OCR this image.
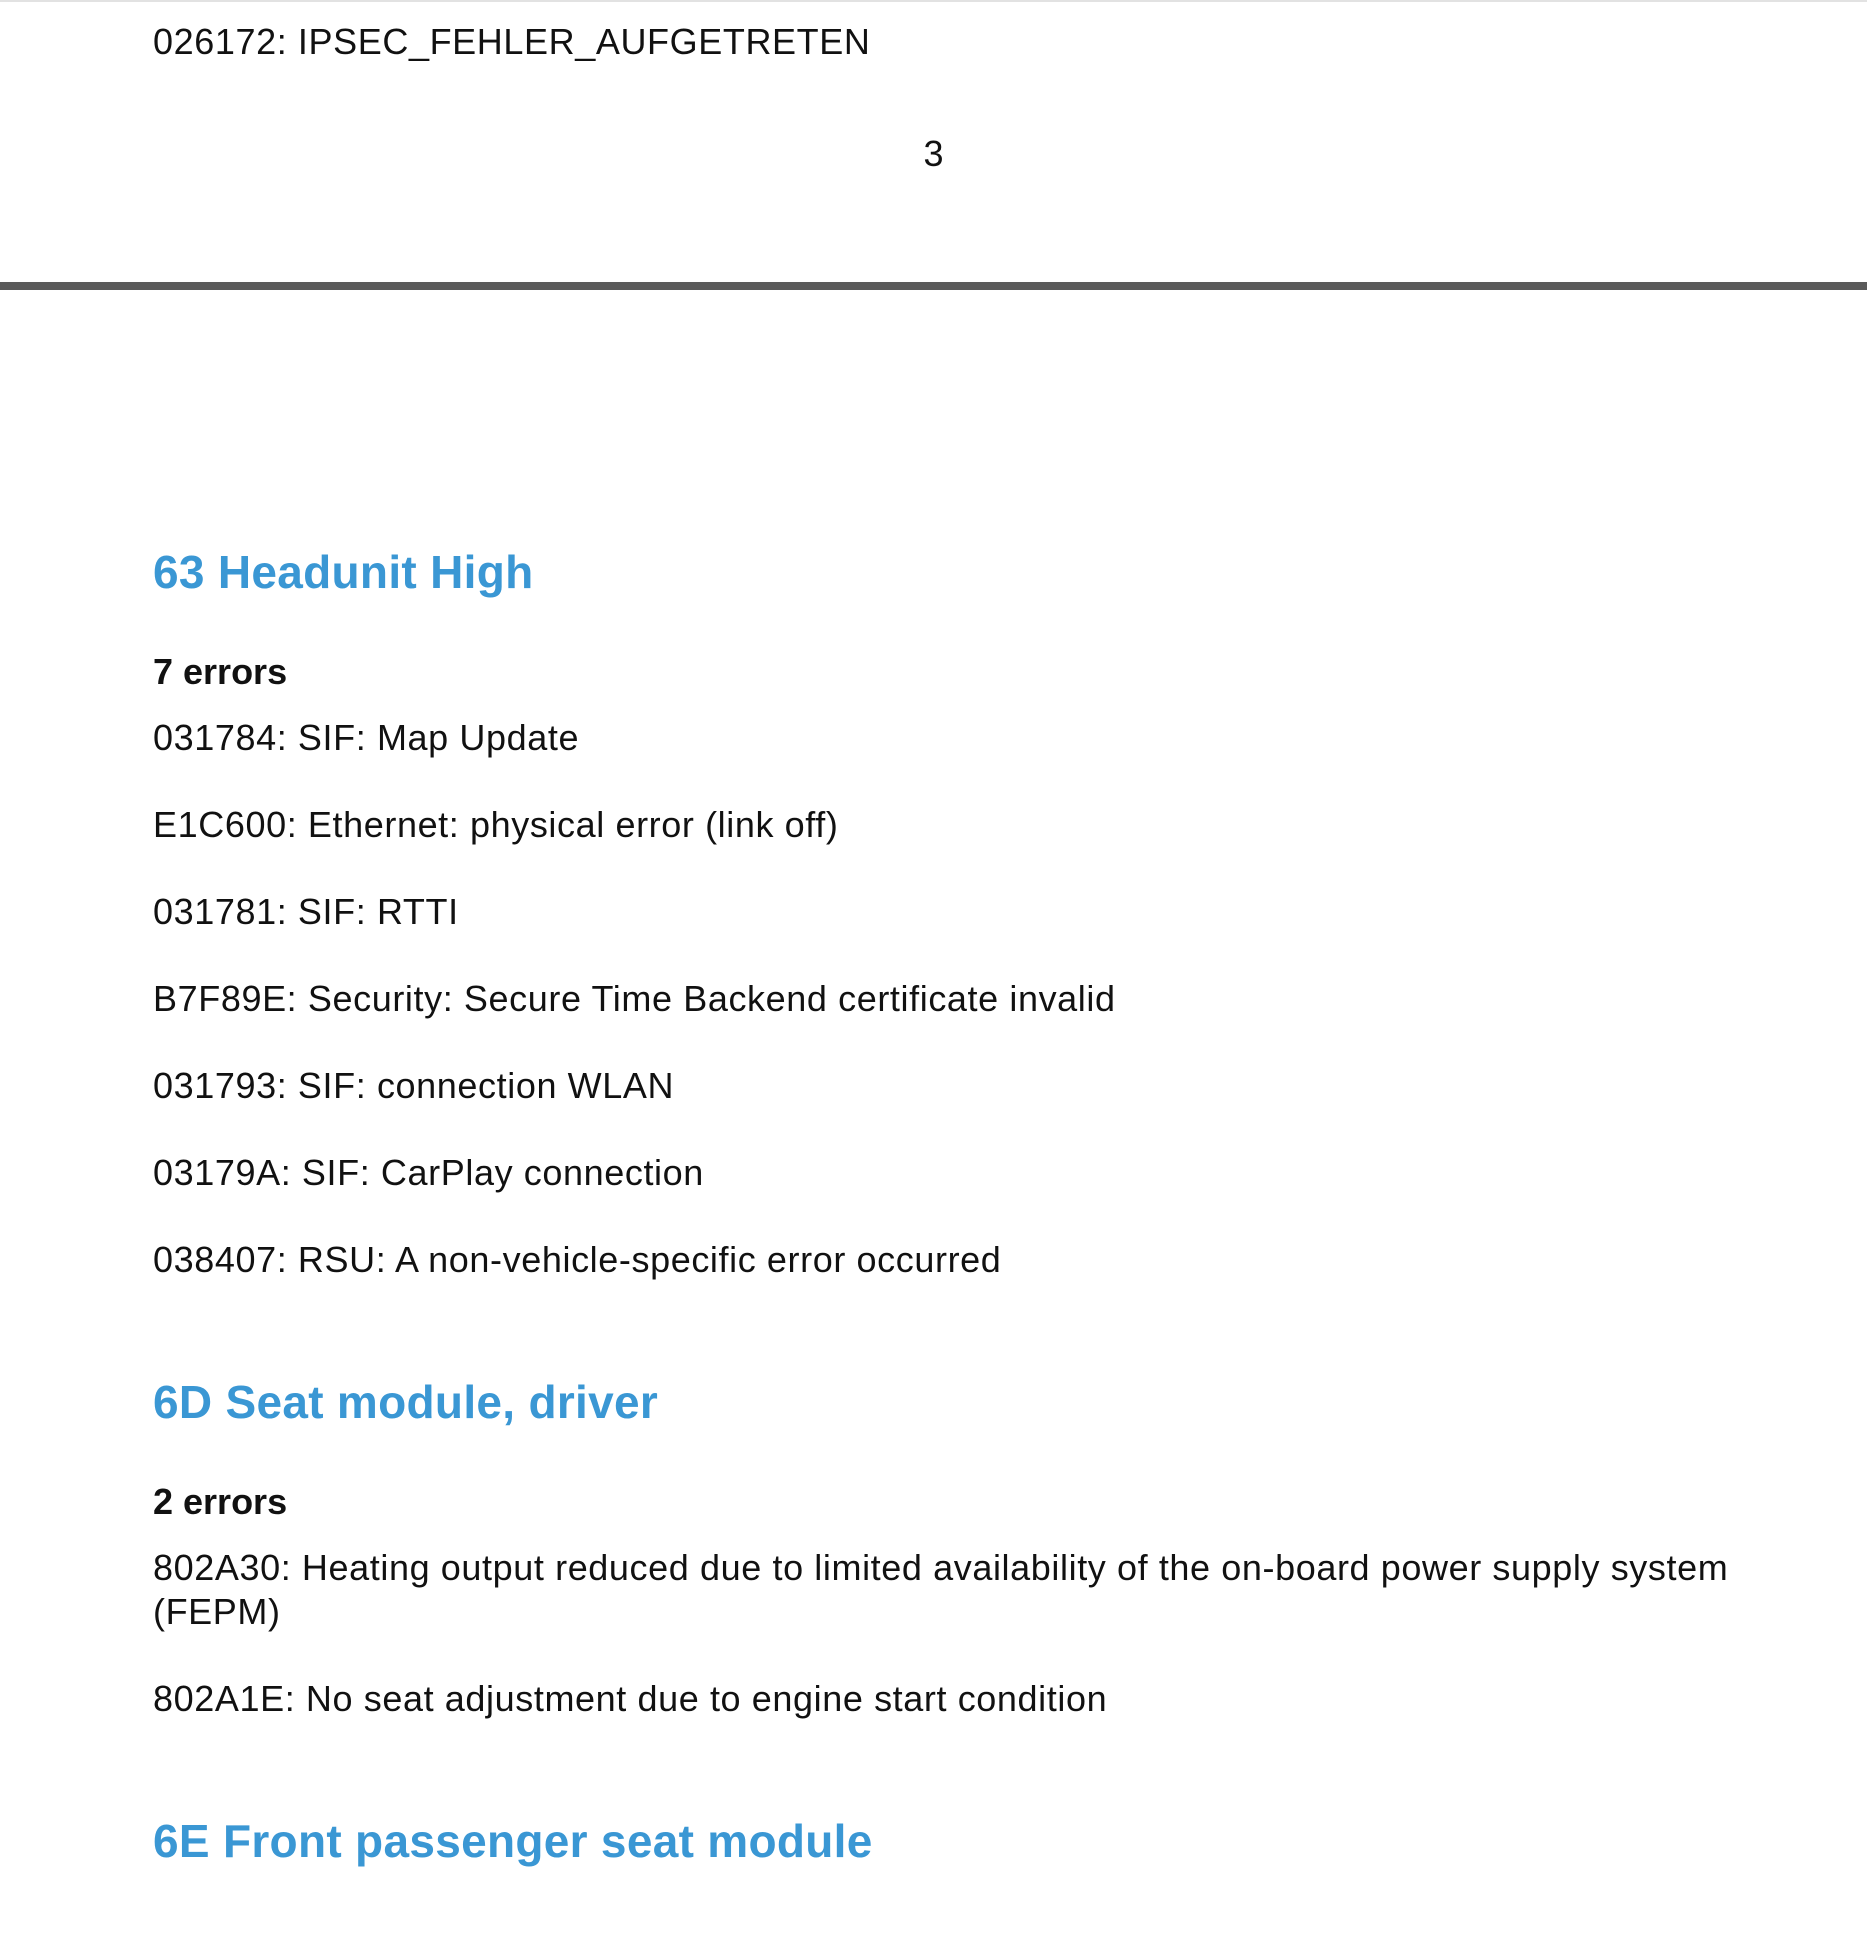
026172: IPSEC_FEHLER_AUFGETRETEN
3
63 Headunit High
7 errors
031784: SIF: Map Update
E1C600: Ethernet: physical error (link off)
031781: SIF: RTTI
B7F89E: Security: Secure Time Backend certificate invalid
031793: SIF: connection WLAN
03179A: SIF: CarPlay connection
038407: RSU: A non-vehicle-specific error occurred
6D Seat module, driver
2 errors
802A30: Heating output reduced due to limited availability of the on-board power supply system (FEPM)
802A1E: No seat adjustment due to engine start condition
6E Front passenger seat module
